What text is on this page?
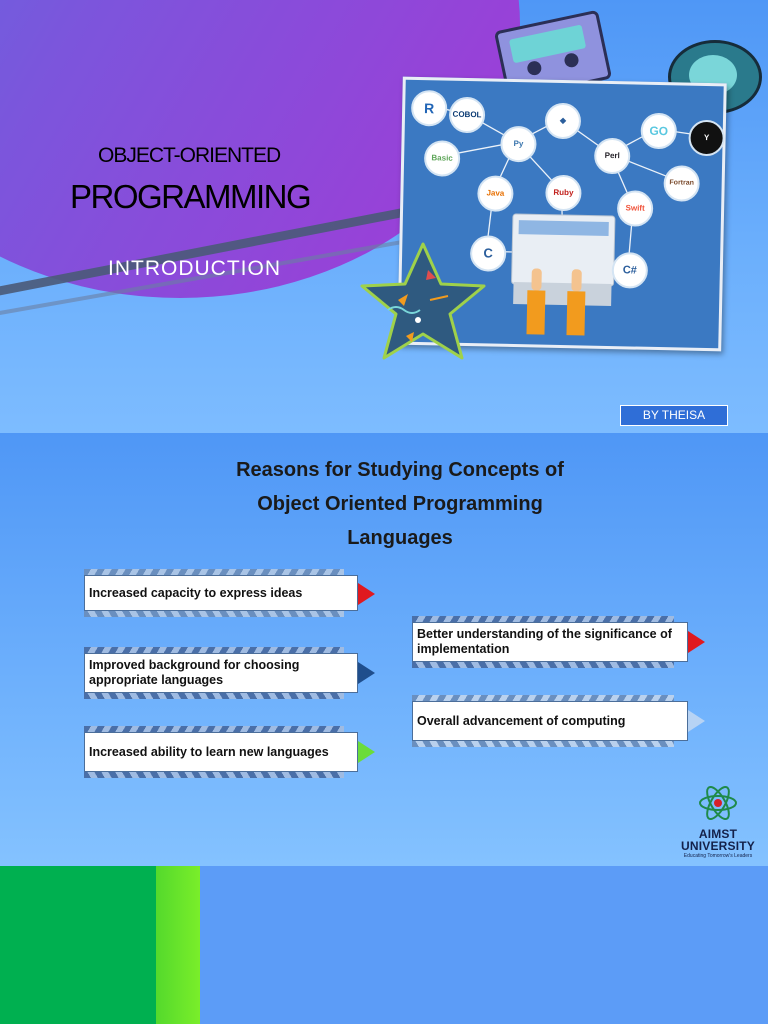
OBJECT-ORIENTED
PROGRAMMING
INTRODUCTION
R	COBOL
Basic
Py
◆
Perl
GO	Y
Fortran
Java	Ruby
Swift
C
C#
BY THEISA
Reasons for Studying Concepts of
Object Oriented Programming
Languages
Increased capacity to express ideas
Improved background for choosing appropriate languages
Increased ability to learn new languages
Better understanding of the significance of implementation
Overall advancement of computing
AIMST
UNIVERSITY
Educating Tomorrow's Leaders
